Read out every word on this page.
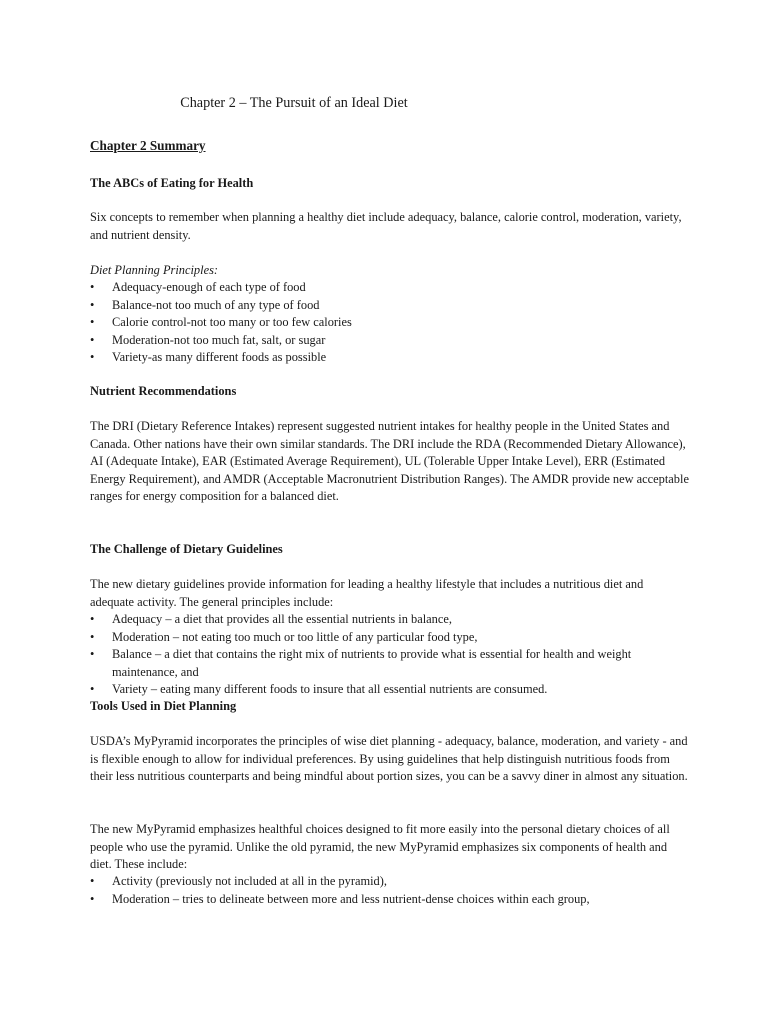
Chapter 2 – The Pursuit of an Ideal Diet
Chapter 2 Summary
The ABCs of Eating for Health

Six concepts to remember when planning a healthy diet include adequacy, balance, calorie control, moderation, variety, and nutrient density.

Diet Planning Principles:
• Adequacy-enough of each type of food
• Balance-not too much of any type of food
• Calorie control-not too many or too few calories
• Moderation-not too much fat, salt, or sugar
• Variety-as many different foods as possible
Nutrient Recommendations

The DRI (Dietary Reference Intakes) represent suggested nutrient intakes for healthy people in the United States and Canada. Other nations have their own similar standards. The DRI include the RDA (Recommended Dietary Allowance), AI (Adequate Intake), EAR (Estimated Average Requirement), UL (Tolerable Upper Intake Level), ERR (Estimated Energy Requirement), and AMDR (Acceptable Macronutrient Distribution Ranges). The AMDR provide new acceptable ranges for energy composition for a balanced diet.

The Challenge of Dietary Guidelines

The new dietary guidelines provide information for leading a healthy lifestyle that includes a nutritious diet and adequate activity. The general principles include:

• Adequacy – a diet that provides all the essential nutrients in balance,
• Moderation – not eating too much or too little of any particular food type,
• Balance – a diet that contains the right mix of nutrients to provide what is essential for health and weight maintenance, and
• Variety – eating many different foods to insure that all essential nutrients are consumed.
Tools Used in Diet Planning

USDA’s MyPyramid incorporates the principles of wise diet planning - adequacy, balance, moderation, and variety - and is flexible enough to allow for individual preferences. By using guidelines that help distinguish nutritious foods from their less nutritious counterparts and being mindful about portion sizes, you can be a savvy diner in almost any situation.

The new MyPyramid emphasizes healthful choices designed to fit more easily into the personal dietary choices of all people who use the pyramid. Unlike the old pyramid, the new MyPyramid emphasizes six components of health and diet. These include:

• Activity (previously not included at all in the pyramid),
• Moderation – tries to delineate between more and less nutrient-dense choices within each group,
